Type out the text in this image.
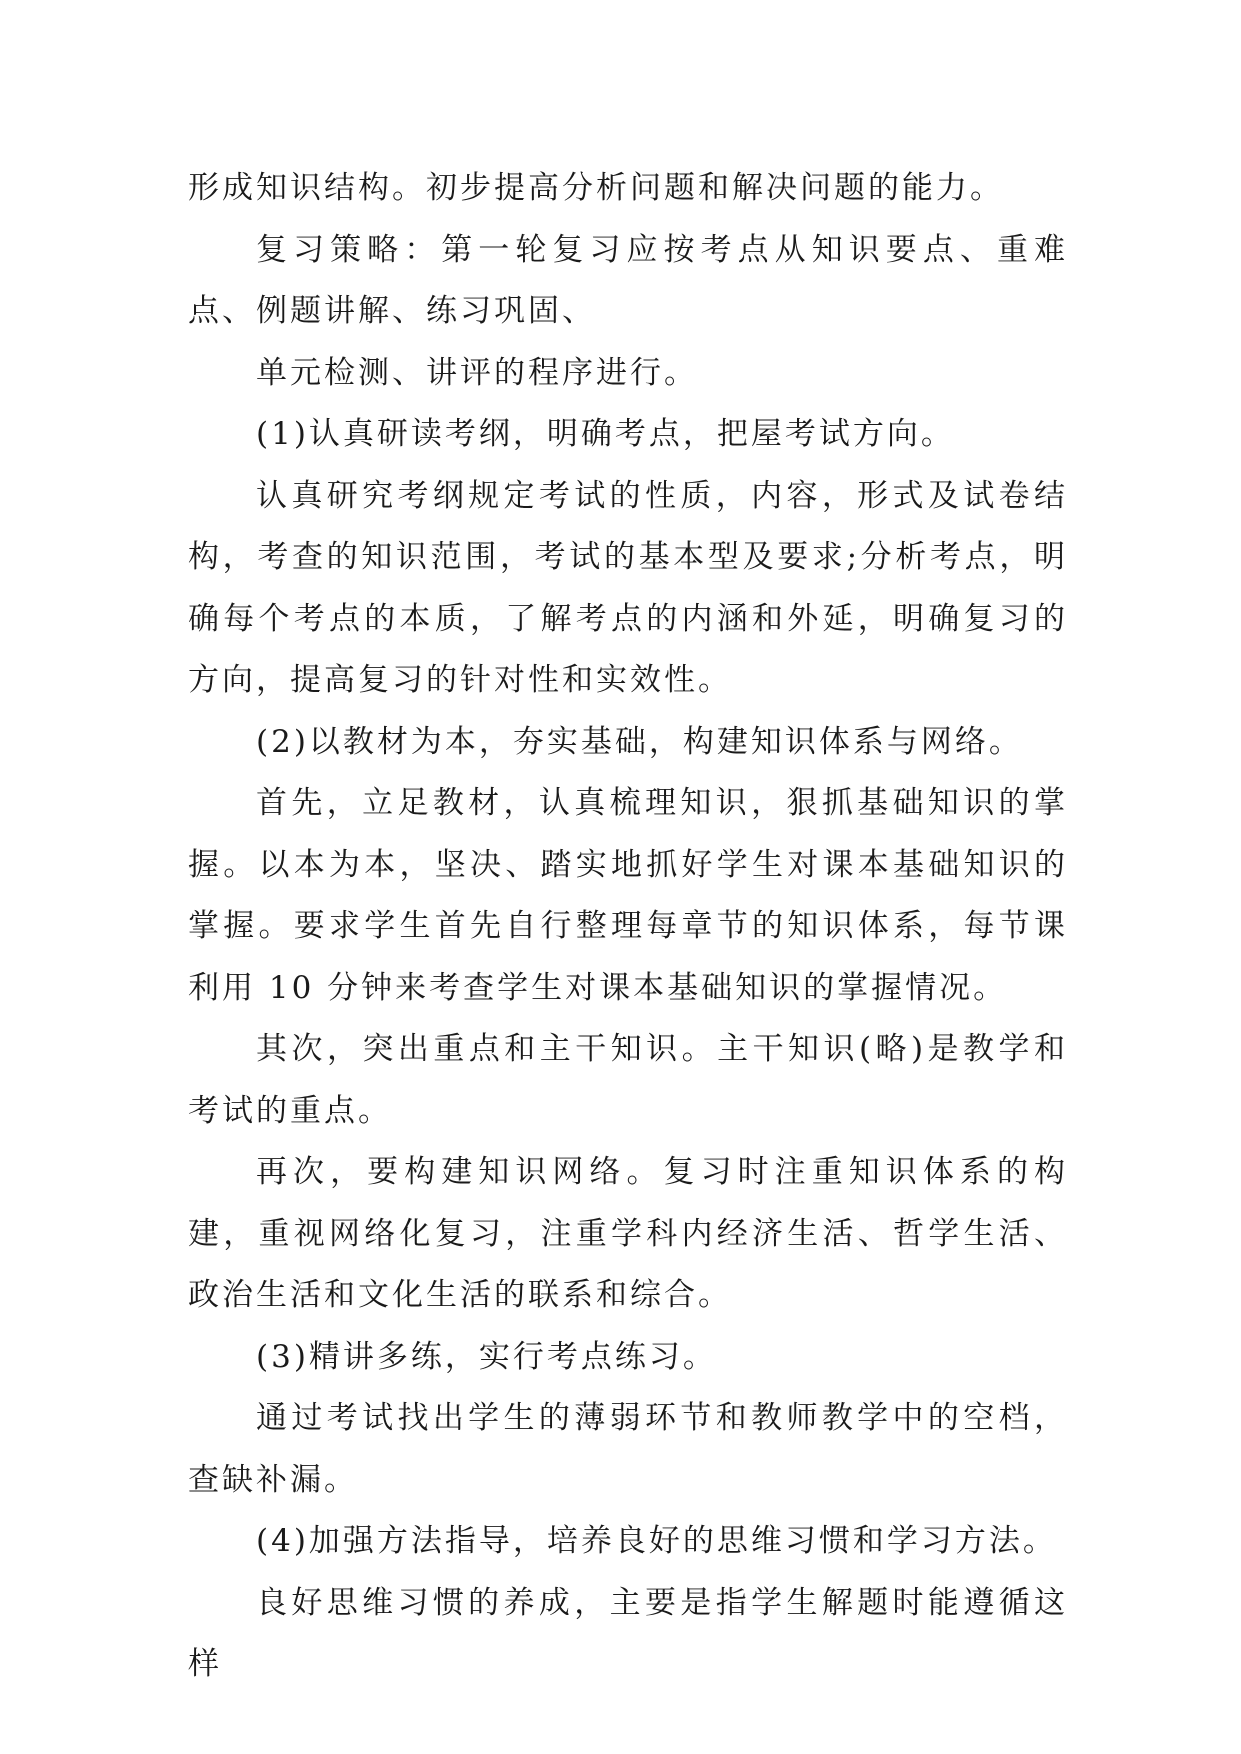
形成知识结构。初步提高分析问题和解决问题的能力。

复习策略：第一轮复习应按考点从知识要点、重难点、例题讲解、练习巩固、

单元检测、讲评的程序进行。

(1)认真研读考纲，明确考点，把屋考试方向。

认真研究考纲规定考试的性质，内容，形式及试卷结构，考查的知识范围，考试的基本型及要求;分析考点，明确每个考点的本质，了解考点的内涵和外延，明确复习的方向，提高复习的针对性和实效性。

(2)以教材为本，夯实基础，构建知识体系与网络。

首先，立足教材，认真梳理知识，狠抓基础知识的掌握。以本为本，坚决、踏实地抓好学生对课本基础知识的掌握。要求学生首先自行整理每章节的知识体系，每节课利用 10 分钟来考查学生对课本基础知识的掌握情况。

其次，突出重点和主干知识。主干知识(略)是教学和考试的重点。

再次，要构建知识网络。复习时注重知识体系的构建，重视网络化复习，注重学科内经济生活、哲学生活、政治生活和文化生活的联系和综合。

(3)精讲多练，实行考点练习。

通过考试找出学生的薄弱环节和教师教学中的空档，查缺补漏。

(4)加强方法指导，培养良好的思维习惯和学习方法。

良好思维习惯的养成，主要是指学生解题时能遵循这样
